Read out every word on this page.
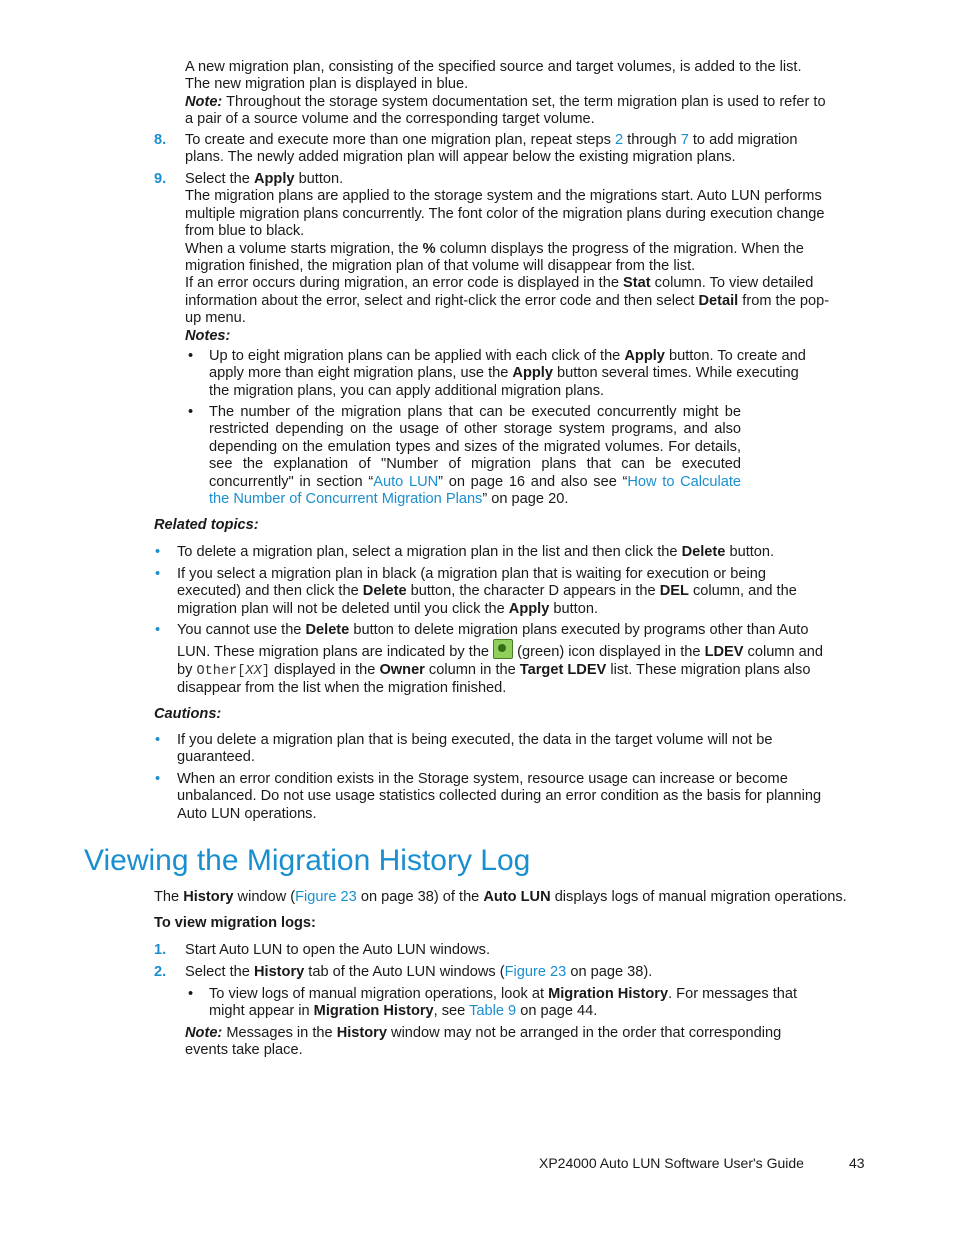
A new migration plan, consisting of the specified source and target volumes, is added to the list.

The new migration plan is displayed in blue.

Note: Throughout the storage system documentation set, the term migration plan is used to refer to a pair of a source volume and the corresponding target volume.

8. To create and execute more than one migration plan, repeat steps 2 through 7 to add migration plans. The newly added migration plan will appear below the existing migration plans.
9. Select the Apply button.

The migration plans are applied to the storage system and the migrations start. Auto LUN performs multiple migration plans concurrently. The font color of the migration plans during execution change from blue to black.

When a volume starts migration, the % column displays the progress of the migration. When the migration finished, the migration plan of that volume will disappear from the list.

If an error occurs during migration, an error code is displayed in the Stat column. To view detailed information about the error, select and right-click the error code and then select Detail from the pop-up menu.

Notes:

• Up to eight migration plans can be applied with each click of the Apply button. To create and apply more than eight migration plans, use the Apply button several times. While executing the migration plans, you can apply additional migration plans.
• The number of the migration plans that can be executed concurrently might be restricted depending on the usage of other storage system programs, and also depending on the emulation types and sizes of the migrated volumes. For details, see the explanation of "Number of migration plans that can be executed concurrently" in section “Auto LUN” on page 16 and also see “How to Calculate the Number of Concurrent Migration Plans” on page 20.
Related topics:
• To delete a migration plan, select a migration plan in the list and then click the Delete button.
• If you select a migration plan in black (a migration plan that is waiting for execution or being executed) and then click the Delete button, the character D appears in the DEL column, and the migration plan will not be deleted until you click the Apply button.
• You cannot use the Delete button to delete migration plans executed by programs other than Auto LUN. These migration plans are indicated by the  (green) icon displayed in the LDEV column and by Other[XX] displayed in the Owner column in the Target LDEV list. These migration plans also disappear from the list when the migration finished.
Cautions:
• If you delete a migration plan that is being executed, the data in the target volume will not be guaranteed.
• When an error condition exists in the Storage system, resource usage can increase or become unbalanced. Do not use usage statistics collected during an error condition as the basis for planning Auto LUN operations.
Viewing the Migration History Log
The History window (Figure 23 on page 38) of the Auto LUN displays logs of manual migration operations.
To view migration logs:
1. Start Auto LUN to open the Auto LUN windows.
2. Select the History tab of the Auto LUN windows (Figure 23 on page 38).
• To view logs of manual migration operations, look at Migration History. For messages that might appear in Migration History, see Table 9 on page 44.
Note: Messages in the History window may not be arranged in the order that corresponding events take place.
XP24000 Auto LUN Software User's Guide	43
